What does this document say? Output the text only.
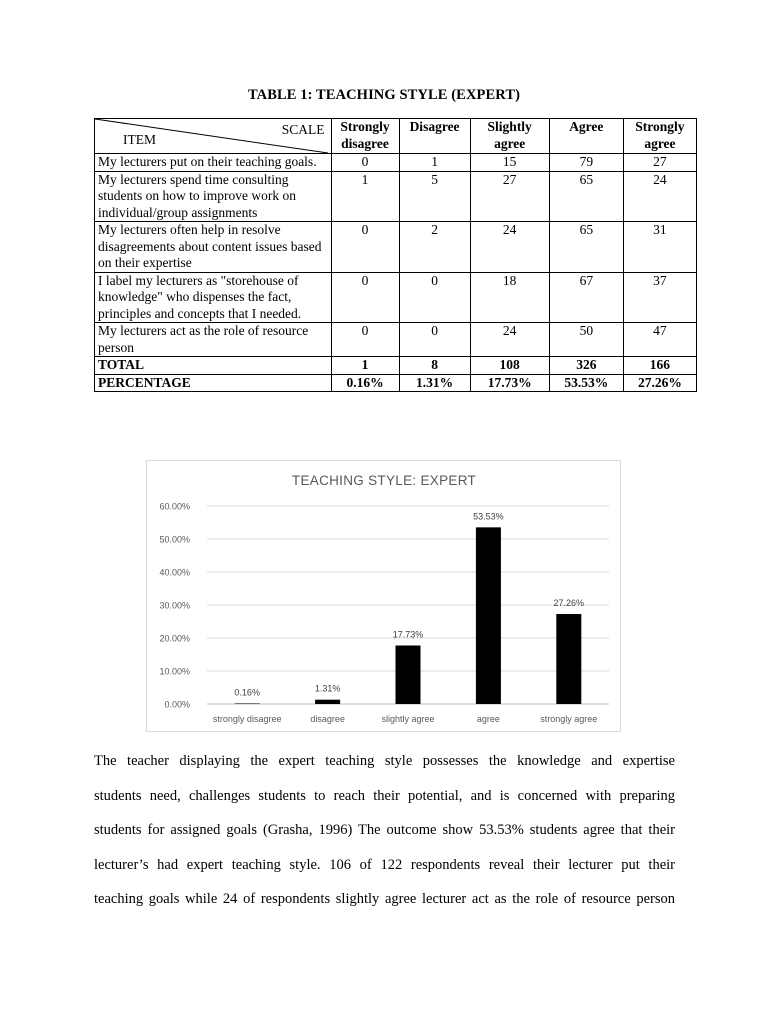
TABLE 1: TEACHING STYLE (EXPERT)
SCALE
ITEM	Strongly disagree	Disagree	Slightly agree	Agree	Strongly agree
My lecturers put on their teaching goals.	0	1	15	79	27
My lecturers spend time consulting students on how to improve work on individual/group assignments	1	5	27	65	24
My lecturers often help in resolve disagreements about content issues based on their expertise	0	2	24	65	31
I label my lecturers as "storehouse of knowledge" who dispenses the fact, principles and concepts that I needed.	0	0	18	67	37
My lecturers act as the role of resource person	0	0	24	50	47
TOTAL	1	8	108	326	166
PERCENTAGE	0.16%	1.31%	17.73%	53.53%	27.26%
TEACHING STYLE: EXPERT
0.00%
10.00%
20.00%
30.00%
40.00%
50.00%
60.00%
0.16%
strongly disagree
1.31%
disagree
17.73%
slightly agree
53.53%
agree
27.26%
strongly agree
The teacher displaying the expert teaching style possesses the knowledge and expertise
students need, challenges students to reach their potential, and is concerned with preparing
students for assigned goals (Grasha, 1996) The outcome show 53.53% students agree that their
lecturer’s had expert teaching style. 106 of 122 respondents reveal their lecturer put their
teaching goals while 24 of respondents slightly agree lecturer act as the role of resource person
